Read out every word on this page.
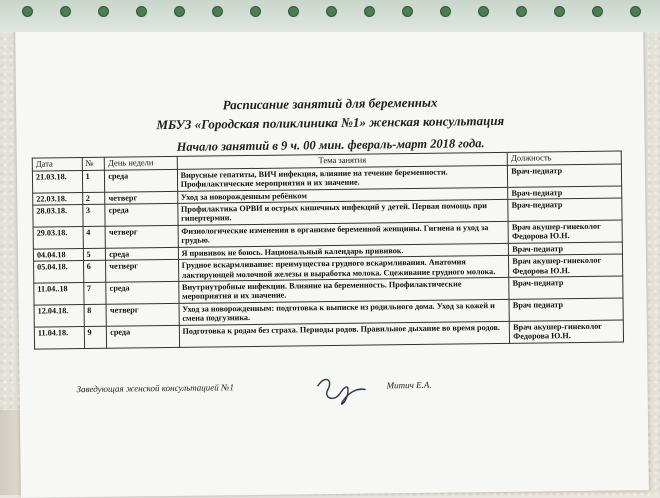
Расписание занятий для беременных
МБУЗ «Городская поликлиника №1» женская консультация
Начало занятий в 9 ч. 00 мин. февраль-март 2018 года.
Дата	№	День недели	Тема занятия	Должность
21.03.18.	1	среда	Вирусные гепатиты, ВИЧ инфекция, влияние на течение беременности. Профилактические мероприятия и их значение.	Врач-педиатр
22.03.18.	2	четверг	Уход за новорожденным ребёнком	Врач-педиатр
28.03.18.	3	среда	Профилактика ОРВИ и острых кишечных инфекций у детей. Первая помощь при гипертермии.	Врач-педиатр
29.03.18.	4	четверг	Физиологические изменения в организме беременной женщины. Гигиена и уход за грудью.	Врач акушер-гинеколог Федорова Ю.Н.
04.04.18	5	среда	Я прививок не боюсь. Национальный календарь прививок.	Врач-педиатр
05.04.18.	6	четверг	Грудное вскармливание: преимущества грудного вскармливания. Анатомия лактирующей молочной железы и выработка молока. Сцеживание грудного молока.	Врач акушер-гинеколог Федорова Ю.Н.
11.04..18	7	среда	Внутриутробные инфекции. Влияние на беременность. Профилактические мероприятия и их значение.	Врач-педиатр
12.04.18.	8	четверг	Уход за новорожденным: подготовка к выписке из родильного дома. Уход за кожей и смена подгузника.	Врач педиатр
11.04.18.	9	среда	Подготовка к родам без страха. Периоды родов. Правильное дыхание во время родов.	Врач акушер-гинеколог Федорова Ю.Н.
Заведующая женской консультацией №1	Митич Е.А.
